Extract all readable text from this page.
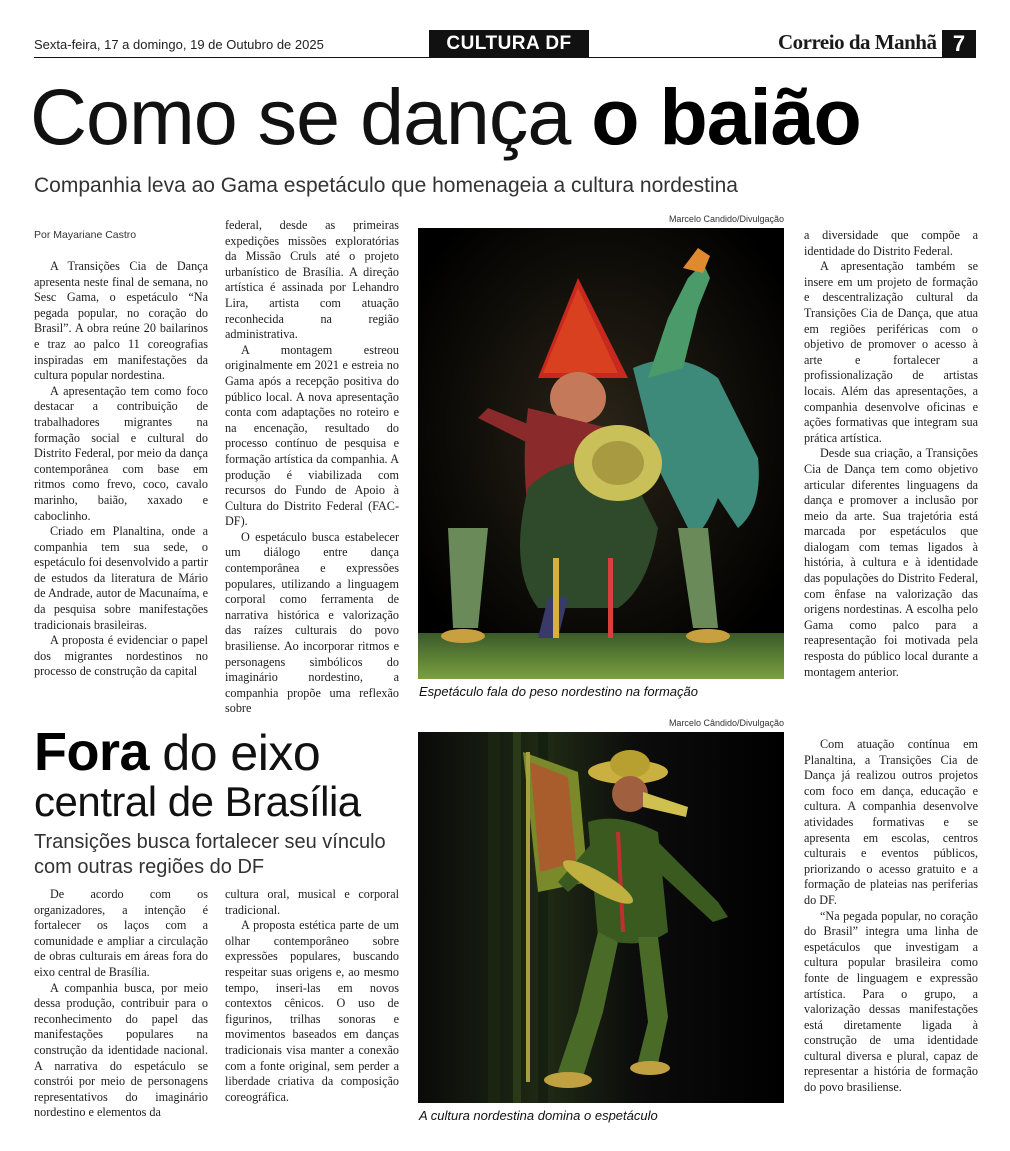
Sexta-feira, 17 a domingo, 19 de Outubro de 2025	CULTURA DF	Correio da Manhã 7
Como se dança o baião
Companhia leva ao Gama espetáculo que homenageia a cultura nordestina
Por Mayariane Castro

A Transições Cia de Dança apresenta neste final de semana, no Sesc Gama, o espetáculo “Na pegada popular, no coração do Brasil”. A obra reúne 20 bailarinos e traz ao palco 11 coreografias inspiradas em manifestações da cultura popular nordestina.

A apresentação tem como foco destacar a contribuição de trabalhadores migrantes na formação social e cultural do Distrito Federal, por meio da dança contemporânea com base em ritmos como frevo, coco, cavalo marinho, baião, xaxado e caboclinho.

Criado em Planaltina, onde a companhia tem sua sede, o espetáculo foi desenvolvido a partir de estudos da literatura de Mário de Andrade, autor de Macunaíma, e da pesquisa sobre manifestações tradicionais brasileiras.

A proposta é evidenciar o papel dos migrantes nordestinos no processo de construção da capital

federal, desde as primeiras expedições missões exploratórias da Missão Cruls até o projeto urbanístico de Brasília. A direção artística é assinada por Lehandro Lira, artista com atuação reconhecida na região administrativa.

A montagem estreou originalmente em 2021 e estreia no Gama após a recepção positiva do público local. A nova apresentação conta com adaptações no roteiro e na encenação, resultado do processo contínuo de pesquisa e formação artística da companhia. A produção é viabilizada com recursos do Fundo de Apoio à Cultura do Distrito Federal (FAC-DF).

O espetáculo busca estabelecer um diálogo entre dança contemporânea e expressões populares, utilizando a linguagem corporal como ferramenta de narrativa histórica e valorização das raízes culturais do povo brasiliense. Ao incorporar ritmos e personagens simbólicos do imaginário nordestino, a companhia propõe uma reflexão sobre

Marcelo Candido/Divulgação
Espetáculo fala do peso nordestino na formação

a diversidade que compõe a identidade do Distrito Federal.

A apresentação também se insere em um projeto de formação e descentralização cultural da Transições Cia de Dança, que atua em regiões periféricas com o objetivo de promover o acesso à arte e fortalecer a profissionalização de artistas locais. Além das apresentações, a companhia desenvolve oficinas e ações formativas que integram sua prática artística.

Desde sua criação, a Transições Cia de Dança tem como objetivo articular diferentes linguagens da dança e promover a inclusão por meio da arte. Sua trajetória está marcada por espetáculos que dialogam com temas ligados à história, à cultura e à identidade das populações do Distrito Federal, com ênfase na valorização das origens nordestinas. A escolha pelo Gama como palco para a reapresentação foi motivada pela resposta do público local durante a montagem anterior.

Fora do eixo
central de Brasília
Transições busca fortalecer seu vínculo com outras regiões do DF

De acordo com os organizadores, a intenção é fortalecer os laços com a comunidade e ampliar a circulação de obras culturais em áreas fora do eixo central de Brasília.

A companhia busca, por meio dessa produção, contribuir para o reconhecimento do papel das manifestações populares na construção da identidade nacional. A narrativa do espetáculo se constrói por meio de personagens representativos do imaginário nordestino e elementos da

cultura oral, musical e corporal tradicional.

A proposta estética parte de um olhar contemporâneo sobre expressões populares, buscando respeitar suas origens e, ao mesmo tempo, inseri-las em novos contextos cênicos. O uso de figurinos, trilhas sonoras e movimentos baseados em danças tradicionais visa manter a conexão com a fonte original, sem perder a liberdade criativa da composição coreográfica.

Marcelo Cândido/Divulgação
A cultura nordestina domina o espetáculo

Com atuação contínua em Planaltina, a Transições Cia de Dança já realizou outros projetos com foco em dança, educação e cultura. A companhia desenvolve atividades formativas e se apresenta em escolas, centros culturais e eventos públicos, priorizando o acesso gratuito e a formação de plateias nas periferias do DF.

“Na pegada popular, no coração do Brasil” integra uma linha de espetáculos que investigam a cultura popular brasileira como fonte de linguagem e expressão artística. Para o grupo, a valorização dessas manifestações está diretamente ligada à construção de uma identidade cultural diversa e plural, capaz de representar a história de formação do povo brasiliense.
